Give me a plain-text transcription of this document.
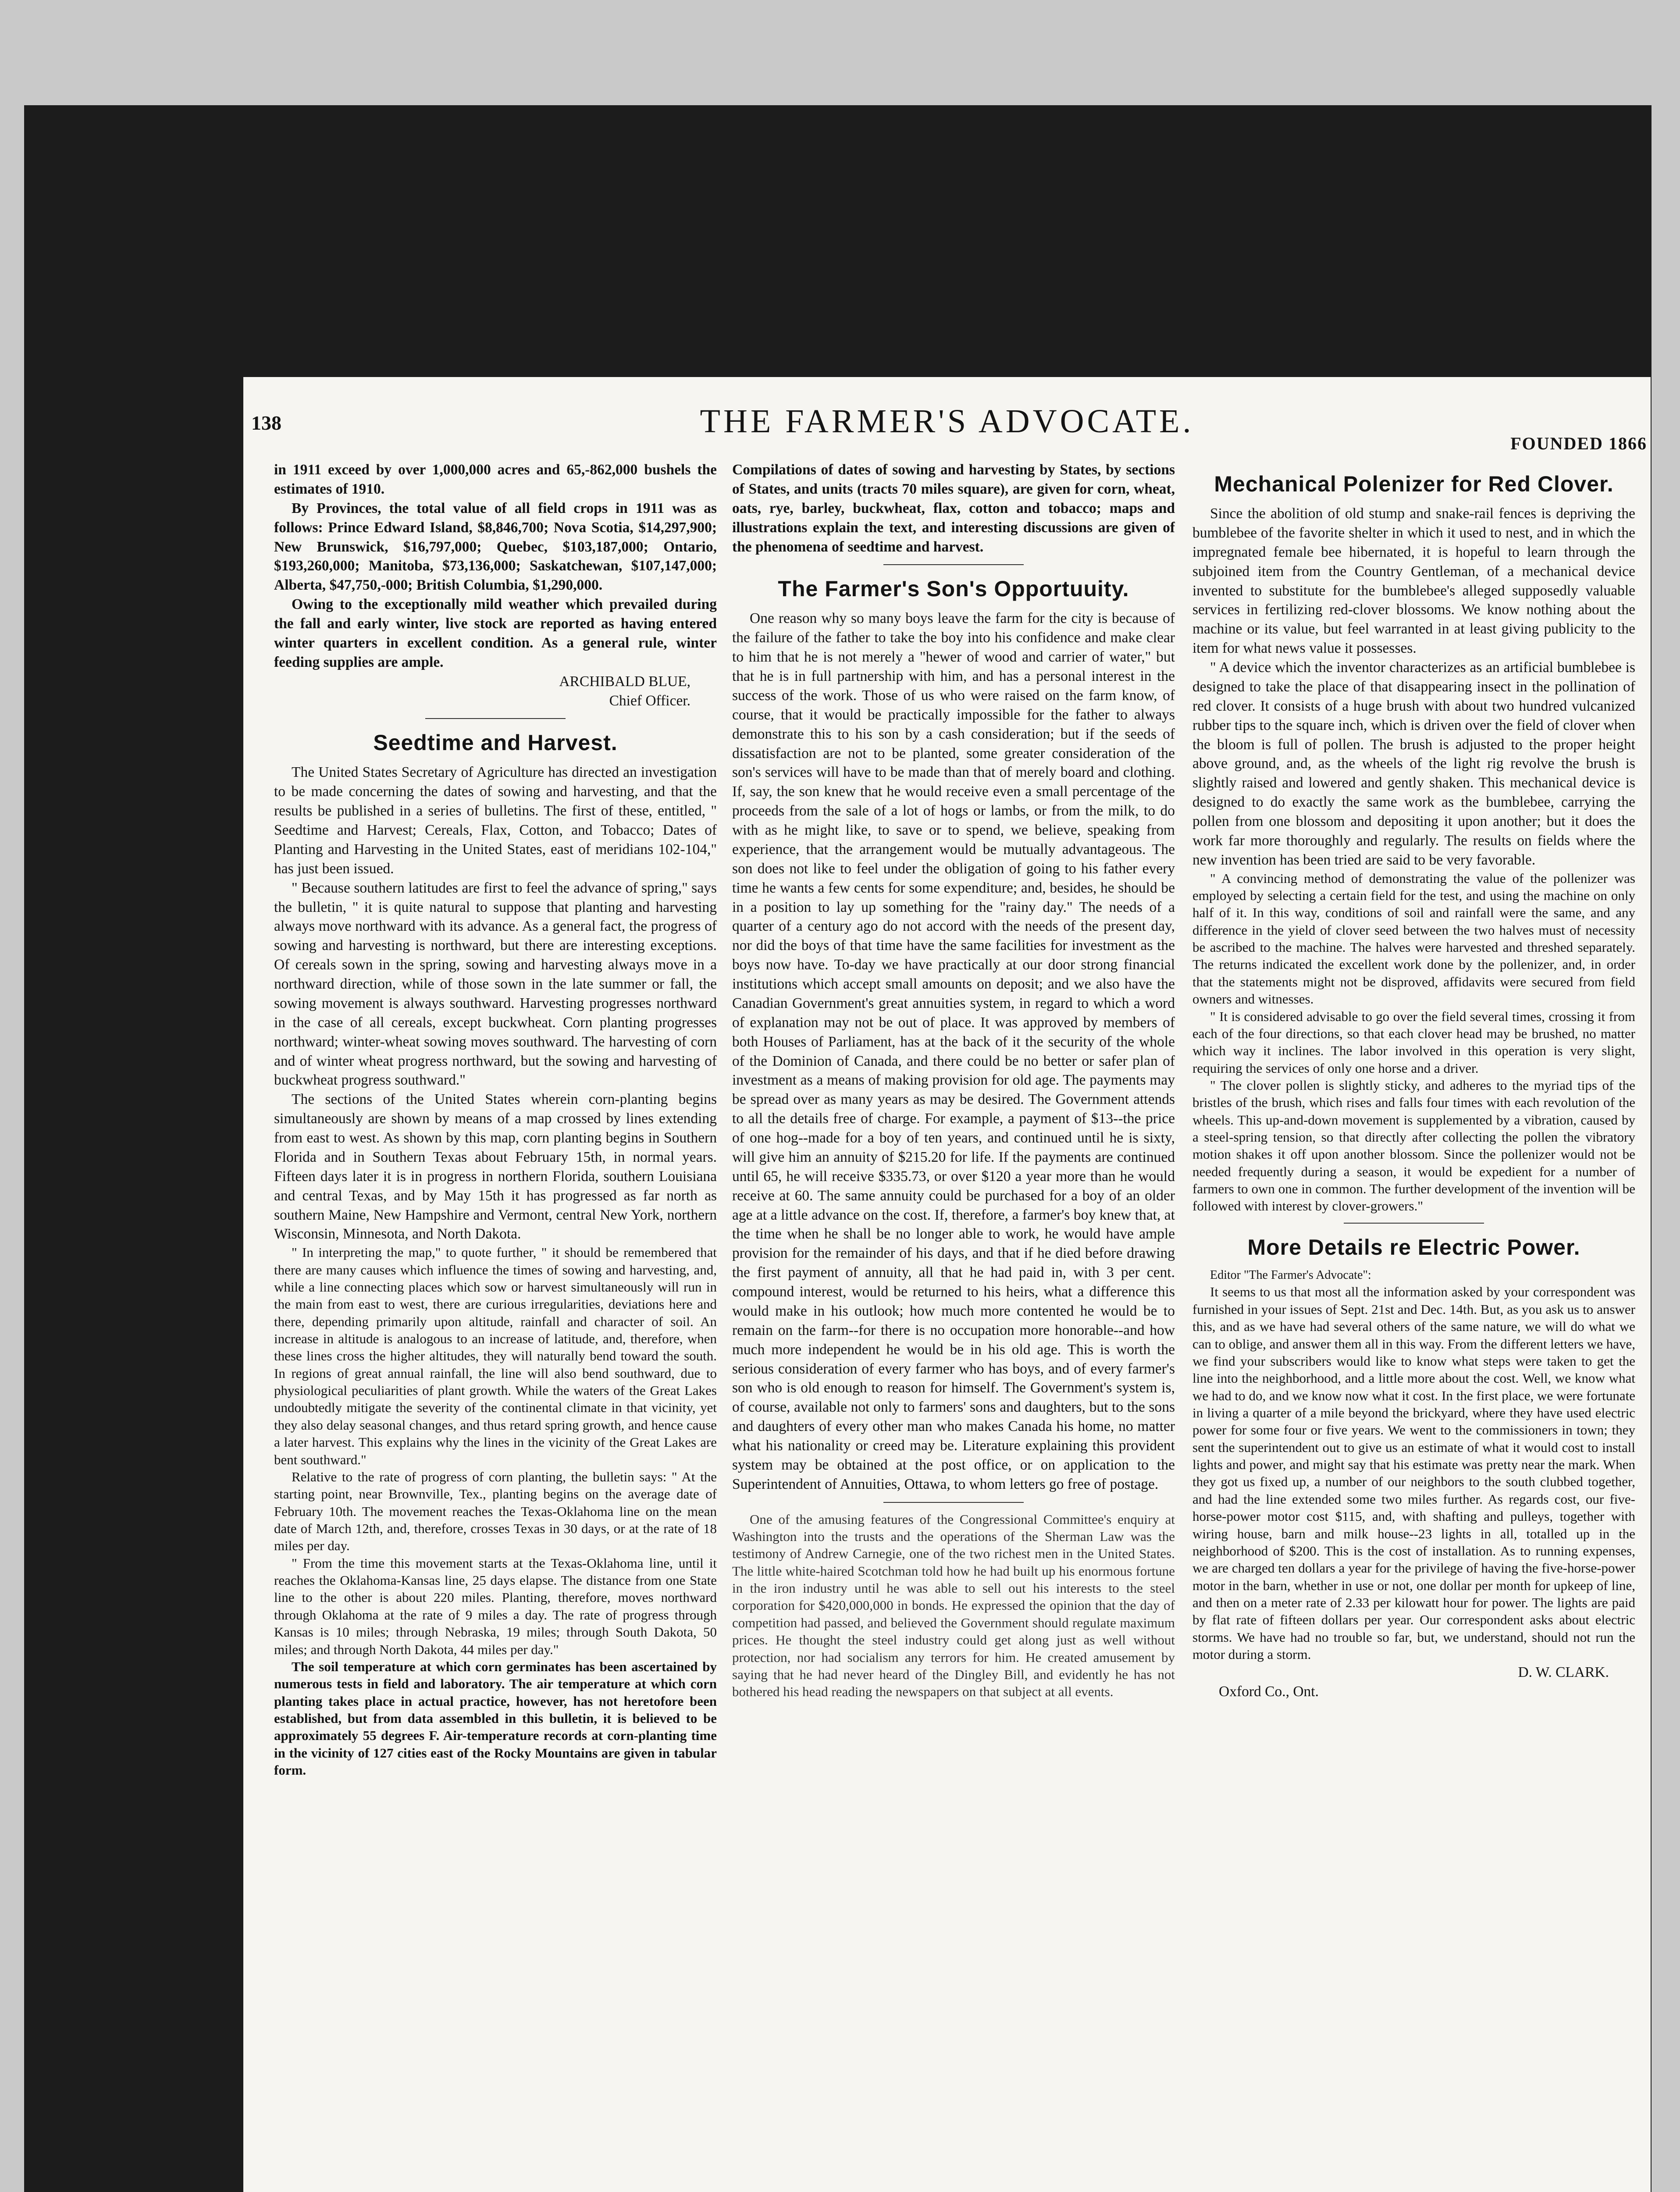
138	THE FARMER'S ADVOCATE.
FOUNDED 1866

in 1911 exceed by over 1,000,000 acres and 65,-862,000 bushels the estimates of 1910.

By Provinces, the total value of all field crops in 1911 was as follows: Prince Edward Island, $8,846,700; Nova Scotia, $14,297,900; New Brunswick, $16,797,000; Quebec, $103,187,000; Ontario, $193,260,000; Manitoba, $73,136,000; Saskatchewan, $107,147,000; Alberta, $47,750,-000; British Columbia, $1,290,000.

Owing to the exceptionally mild weather which prevailed during the fall and early winter, live stock are reported as having entered winter quarters in excellent condition. As a general rule, winter feeding supplies are ample.

ARCHIBALD BLUE,

Chief Officer.

Seedtime and Harvest.

The United States Secretary of Agriculture has directed an investigation to be made concerning the dates of sowing and harvesting, and that the results be published in a series of bulletins. The first of these, entitled, " Seedtime and Harvest; Cereals, Flax, Cotton, and Tobacco; Dates of Planting and Harvesting in the United States, east of meridians 102-104," has just been issued.

" Because southern latitudes are first to feel the advance of spring," says the bulletin, " it is quite natural to suppose that planting and harvesting always move northward with its advance. As a general fact, the progress of sowing and harvesting is northward, but there are interesting exceptions. Of cereals sown in the spring, sowing and harvesting always move in a northward direction, while of those sown in the late summer or fall, the sowing movement is always southward. Harvesting progresses northward in the case of all cereals, except buckwheat. Corn planting progresses northward; winter-wheat sowing moves southward. The harvesting of corn and of winter wheat progress northward, but the sowing and harvesting of buckwheat progress southward."

The sections of the United States wherein corn-planting begins simultaneously are shown by means of a map crossed by lines extending from east to west. As shown by this map, corn planting begins in Southern Florida and in Southern Texas about February 15th, in normal years. Fifteen days later it is in progress in northern Florida, southern Louisiana and central Texas, and by May 15th it has progressed as far north as southern Maine, New Hampshire and Vermont, central New York, northern Wisconsin, Minnesota, and North Dakota.

" In interpreting the map," to quote further, " it should be remembered that there are many causes which influence the times of sowing and harvesting, and, while a line connecting places which sow or harvest simultaneously will run in the main from east to west, there are curious irregularities, deviations here and there, depending primarily upon altitude, rainfall and character of soil. An increase in altitude is analogous to an increase of latitude, and, therefore, when these lines cross the higher altitudes, they will naturally bend toward the south. In regions of great annual rainfall, the line will also bend southward, due to physiological peculiarities of plant growth. While the waters of the Great Lakes undoubtedly mitigate the severity of the continental climate in that vicinity, yet they also delay seasonal changes, and thus retard spring growth, and hence cause a later harvest. This explains why the lines in the vicinity of the Great Lakes are bent southward."

Relative to the rate of progress of corn planting, the bulletin says: " At the starting point, near Brownville, Tex., planting begins on the average date of February 10th. The movement reaches the Texas-Oklahoma line on the mean date of March 12th, and, therefore, crosses Texas in 30 days, or at the rate of 18 miles per day.

" From the time this movement starts at the Texas-Oklahoma line, until it reaches the Oklahoma-Kansas line, 25 days elapse. The distance from one State line to the other is about 220 miles. Planting, therefore, moves northward through Oklahoma at the rate of 9 miles a day. The rate of progress through Kansas is 10 miles; through Nebraska, 19 miles; through South Dakota, 50 miles; and through North Dakota, 44 miles per day."

The soil temperature at which corn germinates has been ascertained by numerous tests in field and laboratory. The air temperature at which corn planting takes place in actual practice, however, has not heretofore been established, but from data assembled in this bulletin, it is believed to be approximately 55 degrees F. Air-temperature records at corn-planting time in the vicinity of 127 cities east of the Rocky Mountains are given in tabular form.

Compilations of dates of sowing and harvesting by States, by sections of States, and units (tracts 70 miles square), are given for corn, wheat, oats, rye, barley, buckwheat, flax, cotton and tobacco; maps and illustrations explain the text, and interesting discussions are given of the phenomena of seedtime and harvest.

The Farmer's Son's Opportuuity.

One reason why so many boys leave the farm for the city is because of the failure of the father to take the boy into his confidence and make clear to him that he is not merely a "hewer of wood and carrier of water," but that he is in full partnership with him, and has a personal interest in the success of the work. Those of us who were raised on the farm know, of course, that it would be practically impossible for the father to always demonstrate this to his son by a cash consideration; but if the seeds of dissatisfaction are not to be planted, some greater consideration of the son's services will have to be made than that of merely board and clothing. If, say, the son knew that he would receive even a small percentage of the proceeds from the sale of a lot of hogs or lambs, or from the milk, to do with as he might like, to save or to spend, we believe, speaking from experience, that the arrangement would be mutually advantageous. The son does not like to feel under the obligation of going to his father every time he wants a few cents for some expenditure; and, besides, he should be in a position to lay up something for the "rainy day." The needs of a quarter of a century ago do not accord with the needs of the present day, nor did the boys of that time have the same facilities for investment as the boys now have. To-day we have practically at our door strong financial institutions which accept small amounts on deposit; and we also have the Canadian Government's great annuities system, in regard to which a word of explanation may not be out of place. It was approved by members of both Houses of Parliament, has at the back of it the security of the whole of the Dominion of Canada, and there could be no better or safer plan of investment as a means of making provision for old age. The payments may be spread over as many years as may be desired. The Government attends to all the details free of charge. For example, a payment of $13--the price of one hog--made for a boy of ten years, and continued until he is sixty, will give him an annuity of $215.20 for life. If the payments are continued until 65, he will receive $335.73, or over $120 a year more than he would receive at 60. The same annuity could be purchased for a boy of an older age at a little advance on the cost. If, therefore, a farmer's boy knew that, at the time when he shall be no longer able to work, he would have ample provision for the remainder of his days, and that if he died before drawing the first payment of annuity, all that he had paid in, with 3 per cent. compound interest, would be returned to his heirs, what a difference this would make in his outlook; how much more contented he would be to remain on the farm--for there is no occupation more honorable--and how much more independent he would be in his old age. This is worth the serious consideration of every farmer who has boys, and of every farmer's son who is old enough to reason for himself. The Government's system is, of course, available not only to farmers' sons and daughters, but to the sons and daughters of every other man who makes Canada his home, no matter what his nationality or creed may be. Literature explaining this provident system may be obtained at the post office, or on application to the Superintendent of Annuities, Ottawa, to whom letters go free of postage.

One of the amusing features of the Congressional Committee's enquiry at Washington into the trusts and the operations of the Sherman Law was the testimony of Andrew Carnegie, one of the two richest men in the United States. The little white-haired Scotchman told how he had built up his enormous fortune in the iron industry until he was able to sell out his interests to the steel corporation for $420,000,000 in bonds. He expressed the opinion that the day of competition had passed, and believed the Government should regulate maximum prices. He thought the steel industry could get along just as well without protection, nor had socialism any terrors for him. He created amusement by saying that he had never heard of the Dingley Bill, and evidently he has not bothered his head reading the newspapers on that subject at all events.

Mechanical Polenizer for Red Clover.

Since the abolition of old stump and snake-rail fences is depriving the bumblebee of the favorite shelter in which it used to nest, and in which the impregnated female bee hibernated, it is hopeful to learn through the subjoined item from the Country Gentleman, of a mechanical device invented to substitute for the bumblebee's alleged supposedly valuable services in fertilizing red-clover blossoms. We know nothing about the machine or its value, but feel warranted in at least giving publicity to the item for what news value it possesses.

" A device which the inventor characterizes as an artificial bumblebee is designed to take the place of that disappearing insect in the pollination of red clover. It consists of a huge brush with about two hundred vulcanized rubber tips to the square inch, which is driven over the field of clover when the bloom is full of pollen. The brush is adjusted to the proper height above ground, and, as the wheels of the light rig revolve the brush is slightly raised and lowered and gently shaken. This mechanical device is designed to do exactly the same work as the bumblebee, carrying the pollen from one blossom and depositing it upon another; but it does the work far more thoroughly and regularly. The results on fields where the new invention has been tried are said to be very favorable.

" A convincing method of demonstrating the value of the pollenizer was employed by selecting a certain field for the test, and using the machine on only half of it. In this way, conditions of soil and rainfall were the same, and any difference in the yield of clover seed between the two halves must of necessity be ascribed to the machine. The halves were harvested and threshed separately. The returns indicated the excellent work done by the pollenizer, and, in order that the statements might not be disproved, affidavits were secured from field owners and witnesses.

" It is considered advisable to go over the field several times, crossing it from each of the four directions, so that each clover head may be brushed, no matter which way it inclines. The labor involved in this operation is very slight, requiring the services of only one horse and a driver.

" The clover pollen is slightly sticky, and adheres to the myriad tips of the bristles of the brush, which rises and falls four times with each revolution of the wheels. This up-and-down movement is supplemented by a vibration, caused by a steel-spring tension, so that directly after collecting the pollen the vibratory motion shakes it off upon another blossom. Since the pollenizer would not be needed frequently during a season, it would be expedient for a number of farmers to own one in common. The further development of the invention will be followed with interest by clover-growers."

More Details re Electric Power.

Editor "The Farmer's Advocate":

It seems to us that most all the information asked by your correspondent was furnished in your issues of Sept. 21st and Dec. 14th. But, as you ask us to answer this, and as we have had several others of the same nature, we will do what we can to oblige, and answer them all in this way. From the different letters we have, we find your subscribers would like to know what steps were taken to get the line into the neighborhood, and a little more about the cost. Well, we know what we had to do, and we know now what it cost. In the first place, we were fortunate in living a quarter of a mile beyond the brickyard, where they have used electric power for some four or five years. We went to the commissioners in town; they sent the superintendent out to give us an estimate of what it would cost to install lights and power, and might say that his estimate was pretty near the mark. When they got us fixed up, a number of our neighbors to the south clubbed together, and had the line extended some two miles further. As regards cost, our five-horse-power motor cost $115, and, with shafting and pulleys, together with wiring house, barn and milk house--23 lights in all, totalled up in the neighborhood of $200. This is the cost of installation. As to running expenses, we are charged ten dollars a year for the privilege of having the five-horse-power motor in the barn, whether in use or not, one dollar per month for upkeep of line, and then on a meter rate of 2.33 per kilowatt hour for power. The lights are paid by flat rate of fifteen dollars per year. Our correspondent asks about electric storms. We have had no trouble so far, but, we understand, should not run the motor during a storm.

D. W. CLARK.

Oxford Co., Ont.
